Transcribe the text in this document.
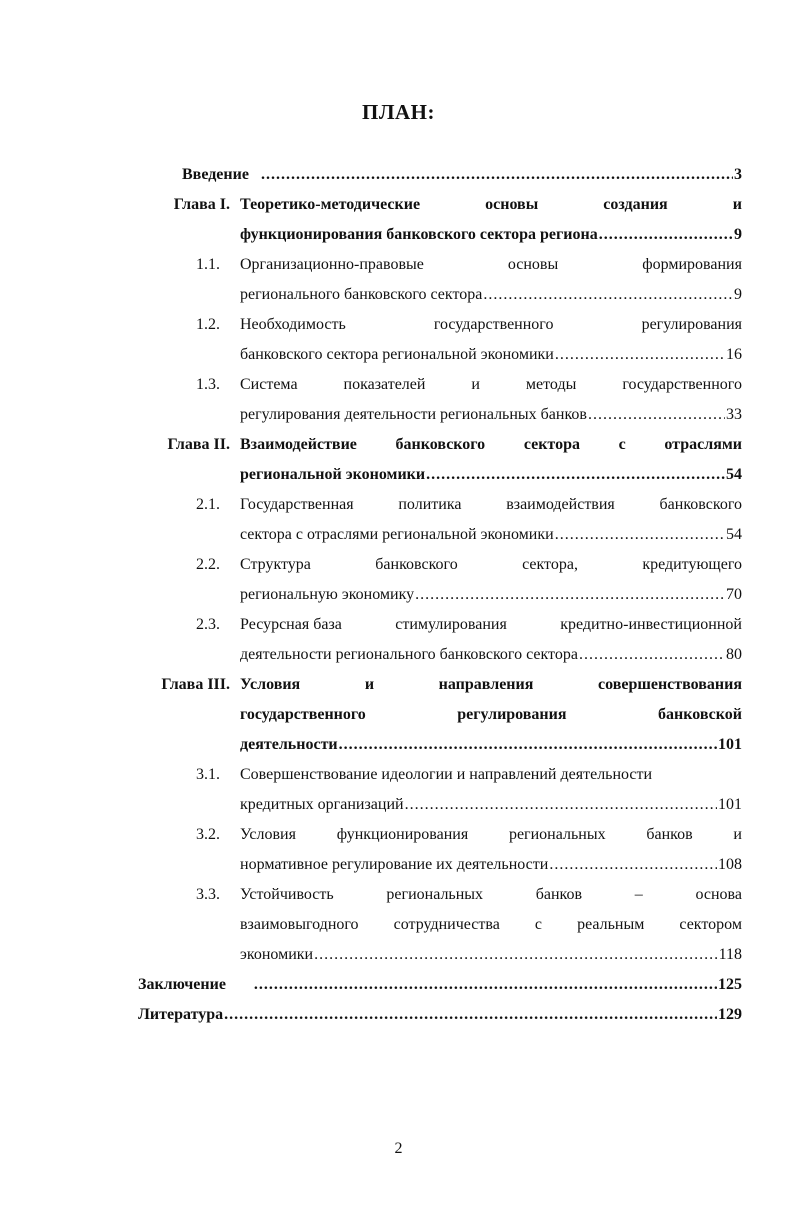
ПЛАН:
Введение .....	3
Глава I. Теоретико-методические	основы	создания	и
функционирования банковского сектора региона .....	9
1.1. Организационно-правовые	основы	формирования
регионального банковского сектора .....	9
1.2. Необходимость	государственного	регулирования
банковского сектора региональной экономики .....	16
1.3. Система	показателей	и	методы	государственного
регулирования деятельности региональных банков .....	33
Глава II. Взаимодействие банковского сектора с отраслями
региональной экономики .....	54
2.1. Государственная	политика	взаимодействия	банковского
сектора с отраслями региональной экономики .....	54
2.2. Структура	банковского	сектора,	кредитующего
региональную экономику .....	70
2.3. Ресурсная база	стимулирования	кредитно-инвестиционной
деятельности регионального банковского сектора .....	80
Глава III. Условия	и	направления	совершенствования
государственного	регулирования	банковской
деятельности .....	101
3.1. Совершенствование идеологии и направлений деятельности
кредитных организаций .....	101
3.2. Условия	функционирования	региональных	банков	и
нормативное регулирование их деятельности .....	108
3.3. Устойчивость	региональных	банков	–	основа
взаимовыгодного сотрудничества с реальным сектором
экономики .....	118
Заключение .....	125
Литература .....	129
2
